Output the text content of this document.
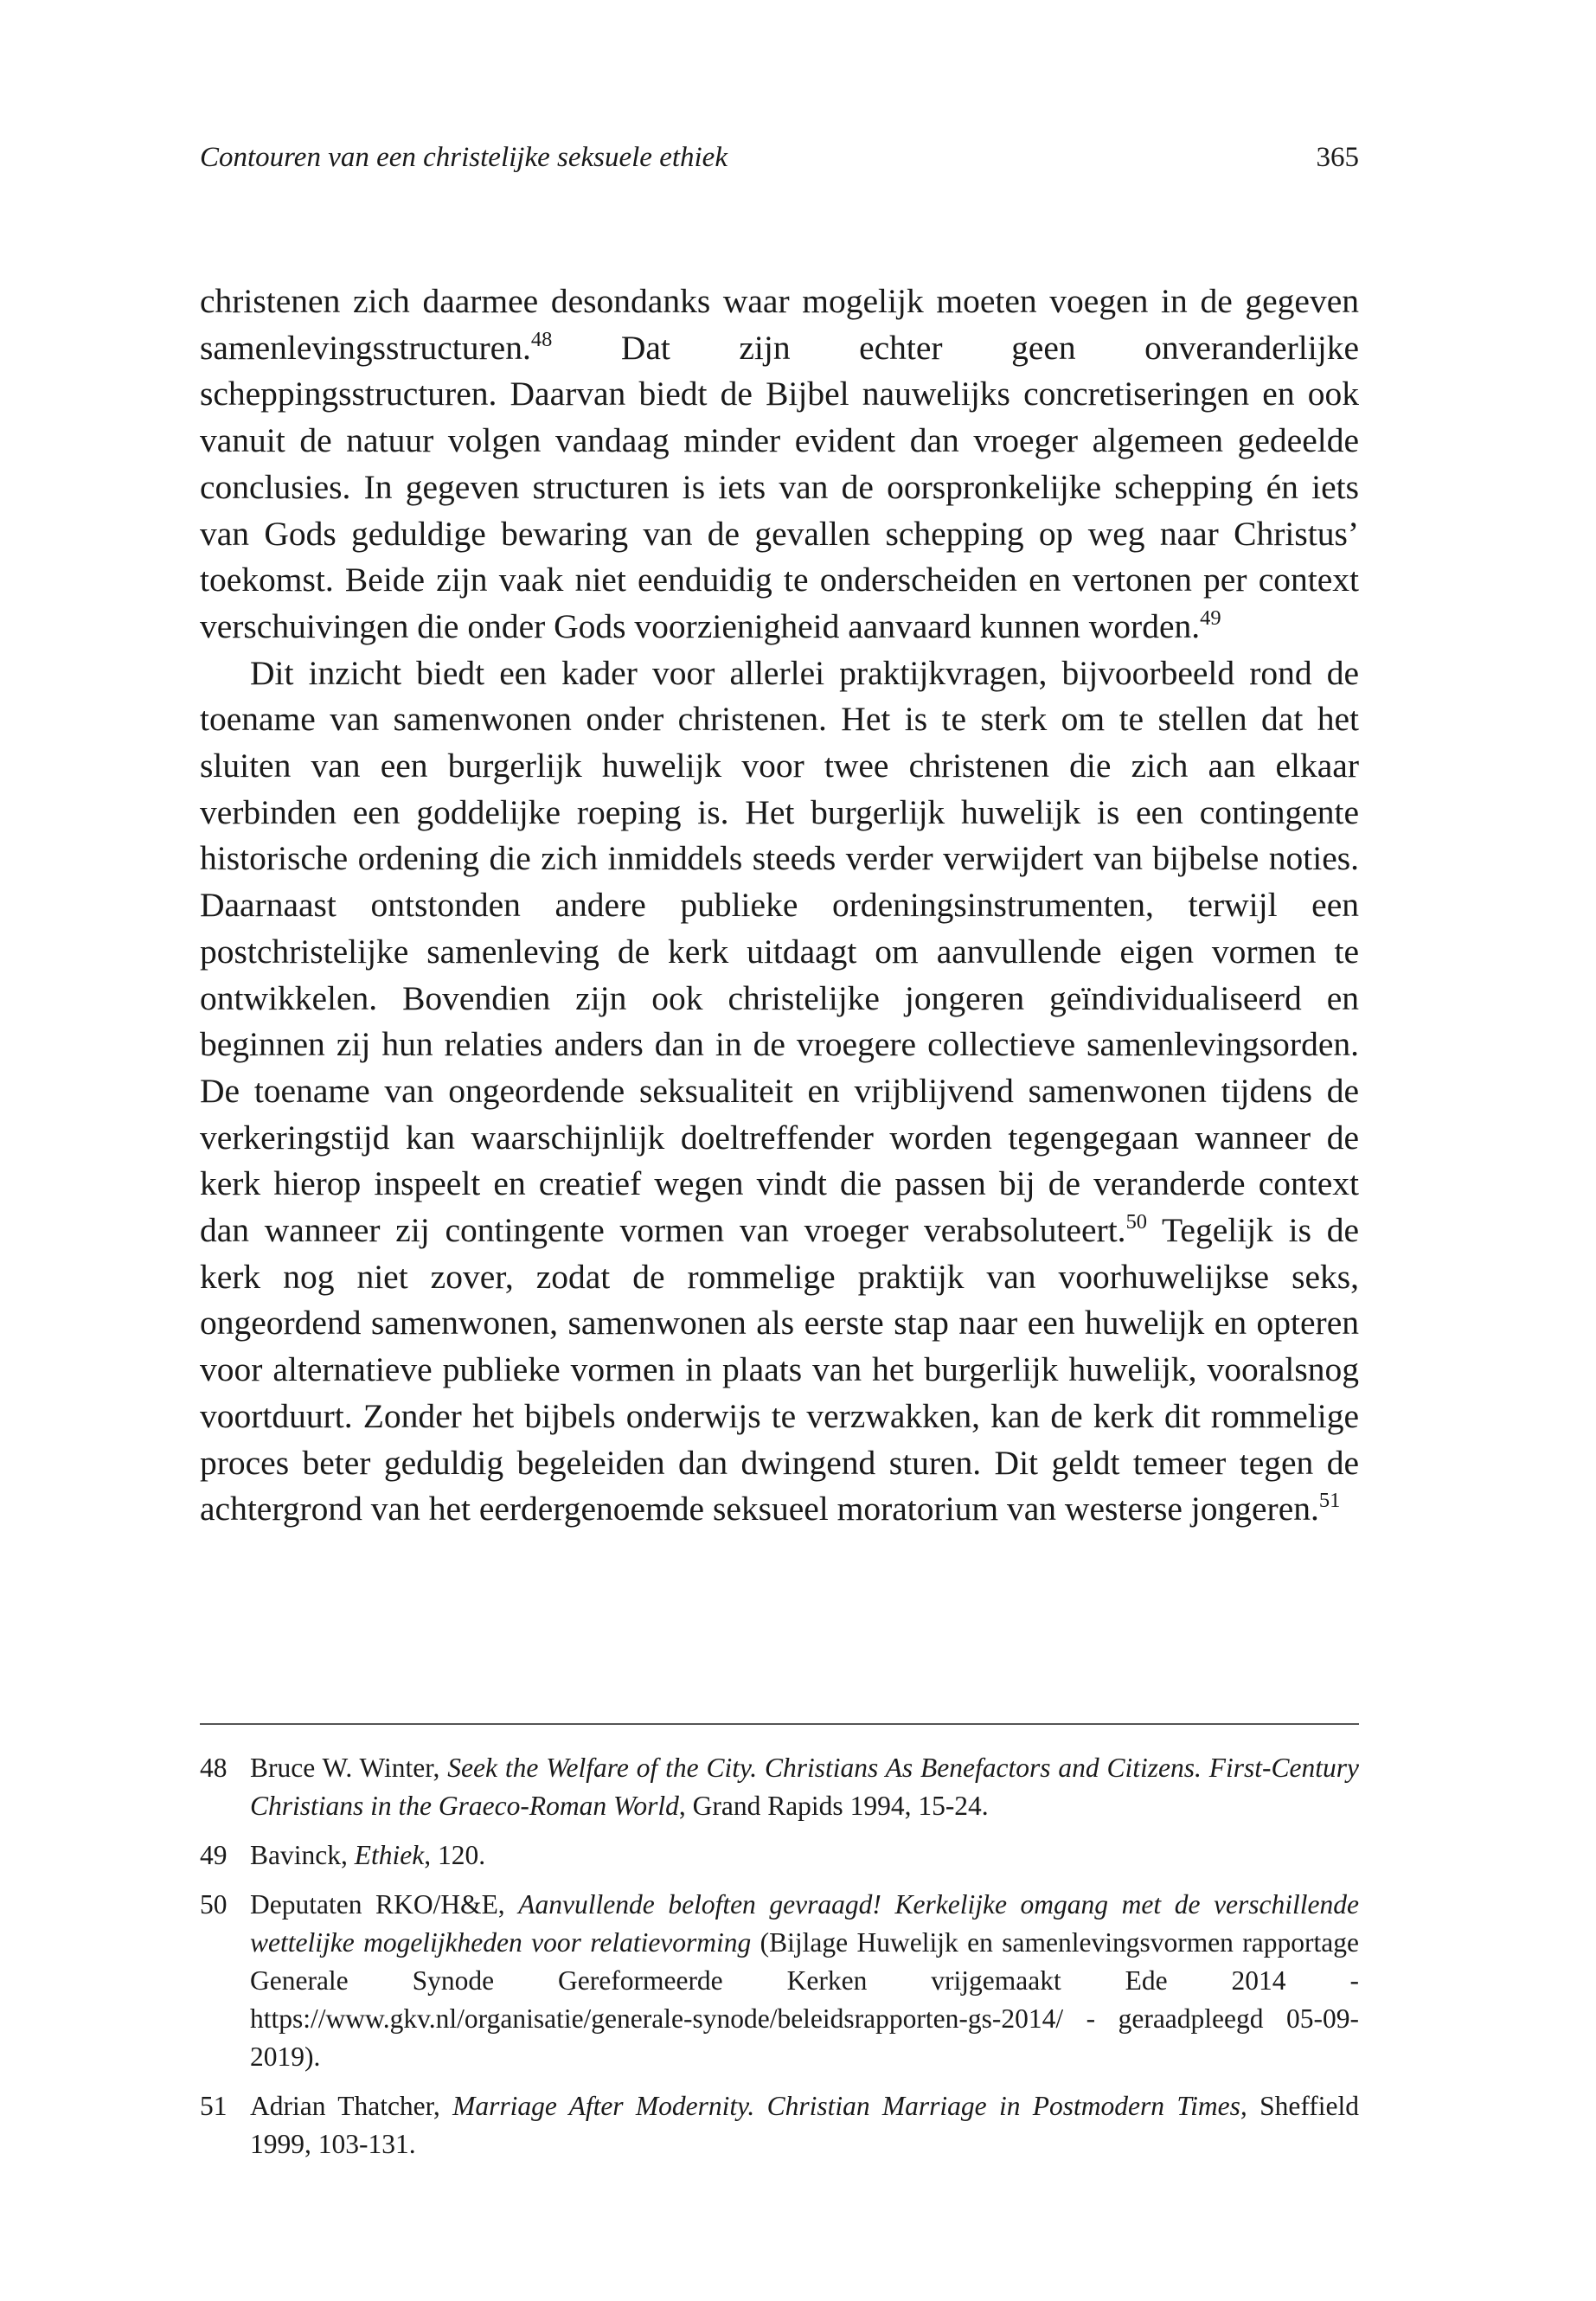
Contouren van een christelijke seksuele ethiek	365

christenen zich daarmee desondanks waar mogelijk moeten voegen in de gegeven samenlevingsstructuren.$^{48}$ Dat zijn echter geen onveranderlijke scheppingsstructuren. Daarvan biedt de Bijbel nauwelijks concretiseringen en ook vanuit de natuur volgen vandaag minder evident dan vroeger algemeen gedeelde conclusies. In gegeven structuren is iets van de oorspronkelijke schepping én iets van Gods geduldige bewaring van de gevallen schepping op weg naar Christus’ toekomst. Beide zijn vaak niet eenduidig te onderscheiden en vertonen per context verschuivingen die onder Gods voorzienigheid aanvaard kunnen worden.$^{49}$

Dit inzicht biedt een kader voor allerlei praktijkvragen, bijvoorbeeld rond de toename van samenwonen onder christenen. Het is te sterk om te stellen dat het sluiten van een burgerlijk huwelijk voor twee christenen die zich aan elkaar verbinden een goddelijke roeping is. Het burgerlijk huwelijk is een contingente historische ordening die zich inmiddels steeds verder verwijdert van bijbelse noties. Daarnaast ontstonden andere publieke ordeningsinstrumenten, terwijl een postchristelijke samenleving de kerk uitdaagt om aanvullende eigen vormen te ontwikkelen. Bovendien zijn ook christelijke jongeren geïndividualiseerd en beginnen zij hun relaties anders dan in de vroegere collectieve samenlevingsorden. De toename van ongeordende seksualiteit en vrijblijvend samenwonen tijdens de verkeringstijd kan waarschijnlijk doeltreffender worden tegengegaan wanneer de kerk hierop inspeelt en creatief wegen vindt die passen bij de veranderde context dan wanneer zij contingente vormen van vroeger verabsoluteert.$^{50}$ Tegelijk is de kerk nog niet zover, zodat de rommelige praktijk van voorhuwelijkse seks, ongeordend samenwonen, samenwonen als eerste stap naar een huwelijk en opteren voor alternatieve publieke vormen in plaats van het burgerlijk huwelijk, vooralsnog voortduurt. Zonder het bijbels onderwijs te verzwakken, kan de kerk dit rommelige proces beter geduldig begeleiden dan dwingend sturen. Dit geldt temeer tegen de achtergrond van het eerdergenoemde seksueel moratorium van westerse jongeren.$^{51}$

48 Bruce W. Winter, Seek the Welfare of the City. Christians As Benefactors and Citizens. First-Century Christians in the Graeco-Roman World, Grand Rapids 1994, 15-24.
49 Bavinck, Ethiek, 120.
50 Deputaten RKO/H&E, Aanvullende beloften gevraagd! Kerkelijke omgang met de verschillende wettelijke mogelijkheden voor relatievorming (Bijlage Huwelijk en samenlevingsvormen rapportage Generale Synode Gereformeerde Kerken vrijgemaakt Ede 2014 - https://www.gkv.nl/organisatie/generale-synode/beleidsrapporten-gs-2014/ - geraadpleegd 05-09-2019).
51 Adrian Thatcher, Marriage After Modernity. Christian Marriage in Postmodern Times, Sheffield 1999, 103-131.
